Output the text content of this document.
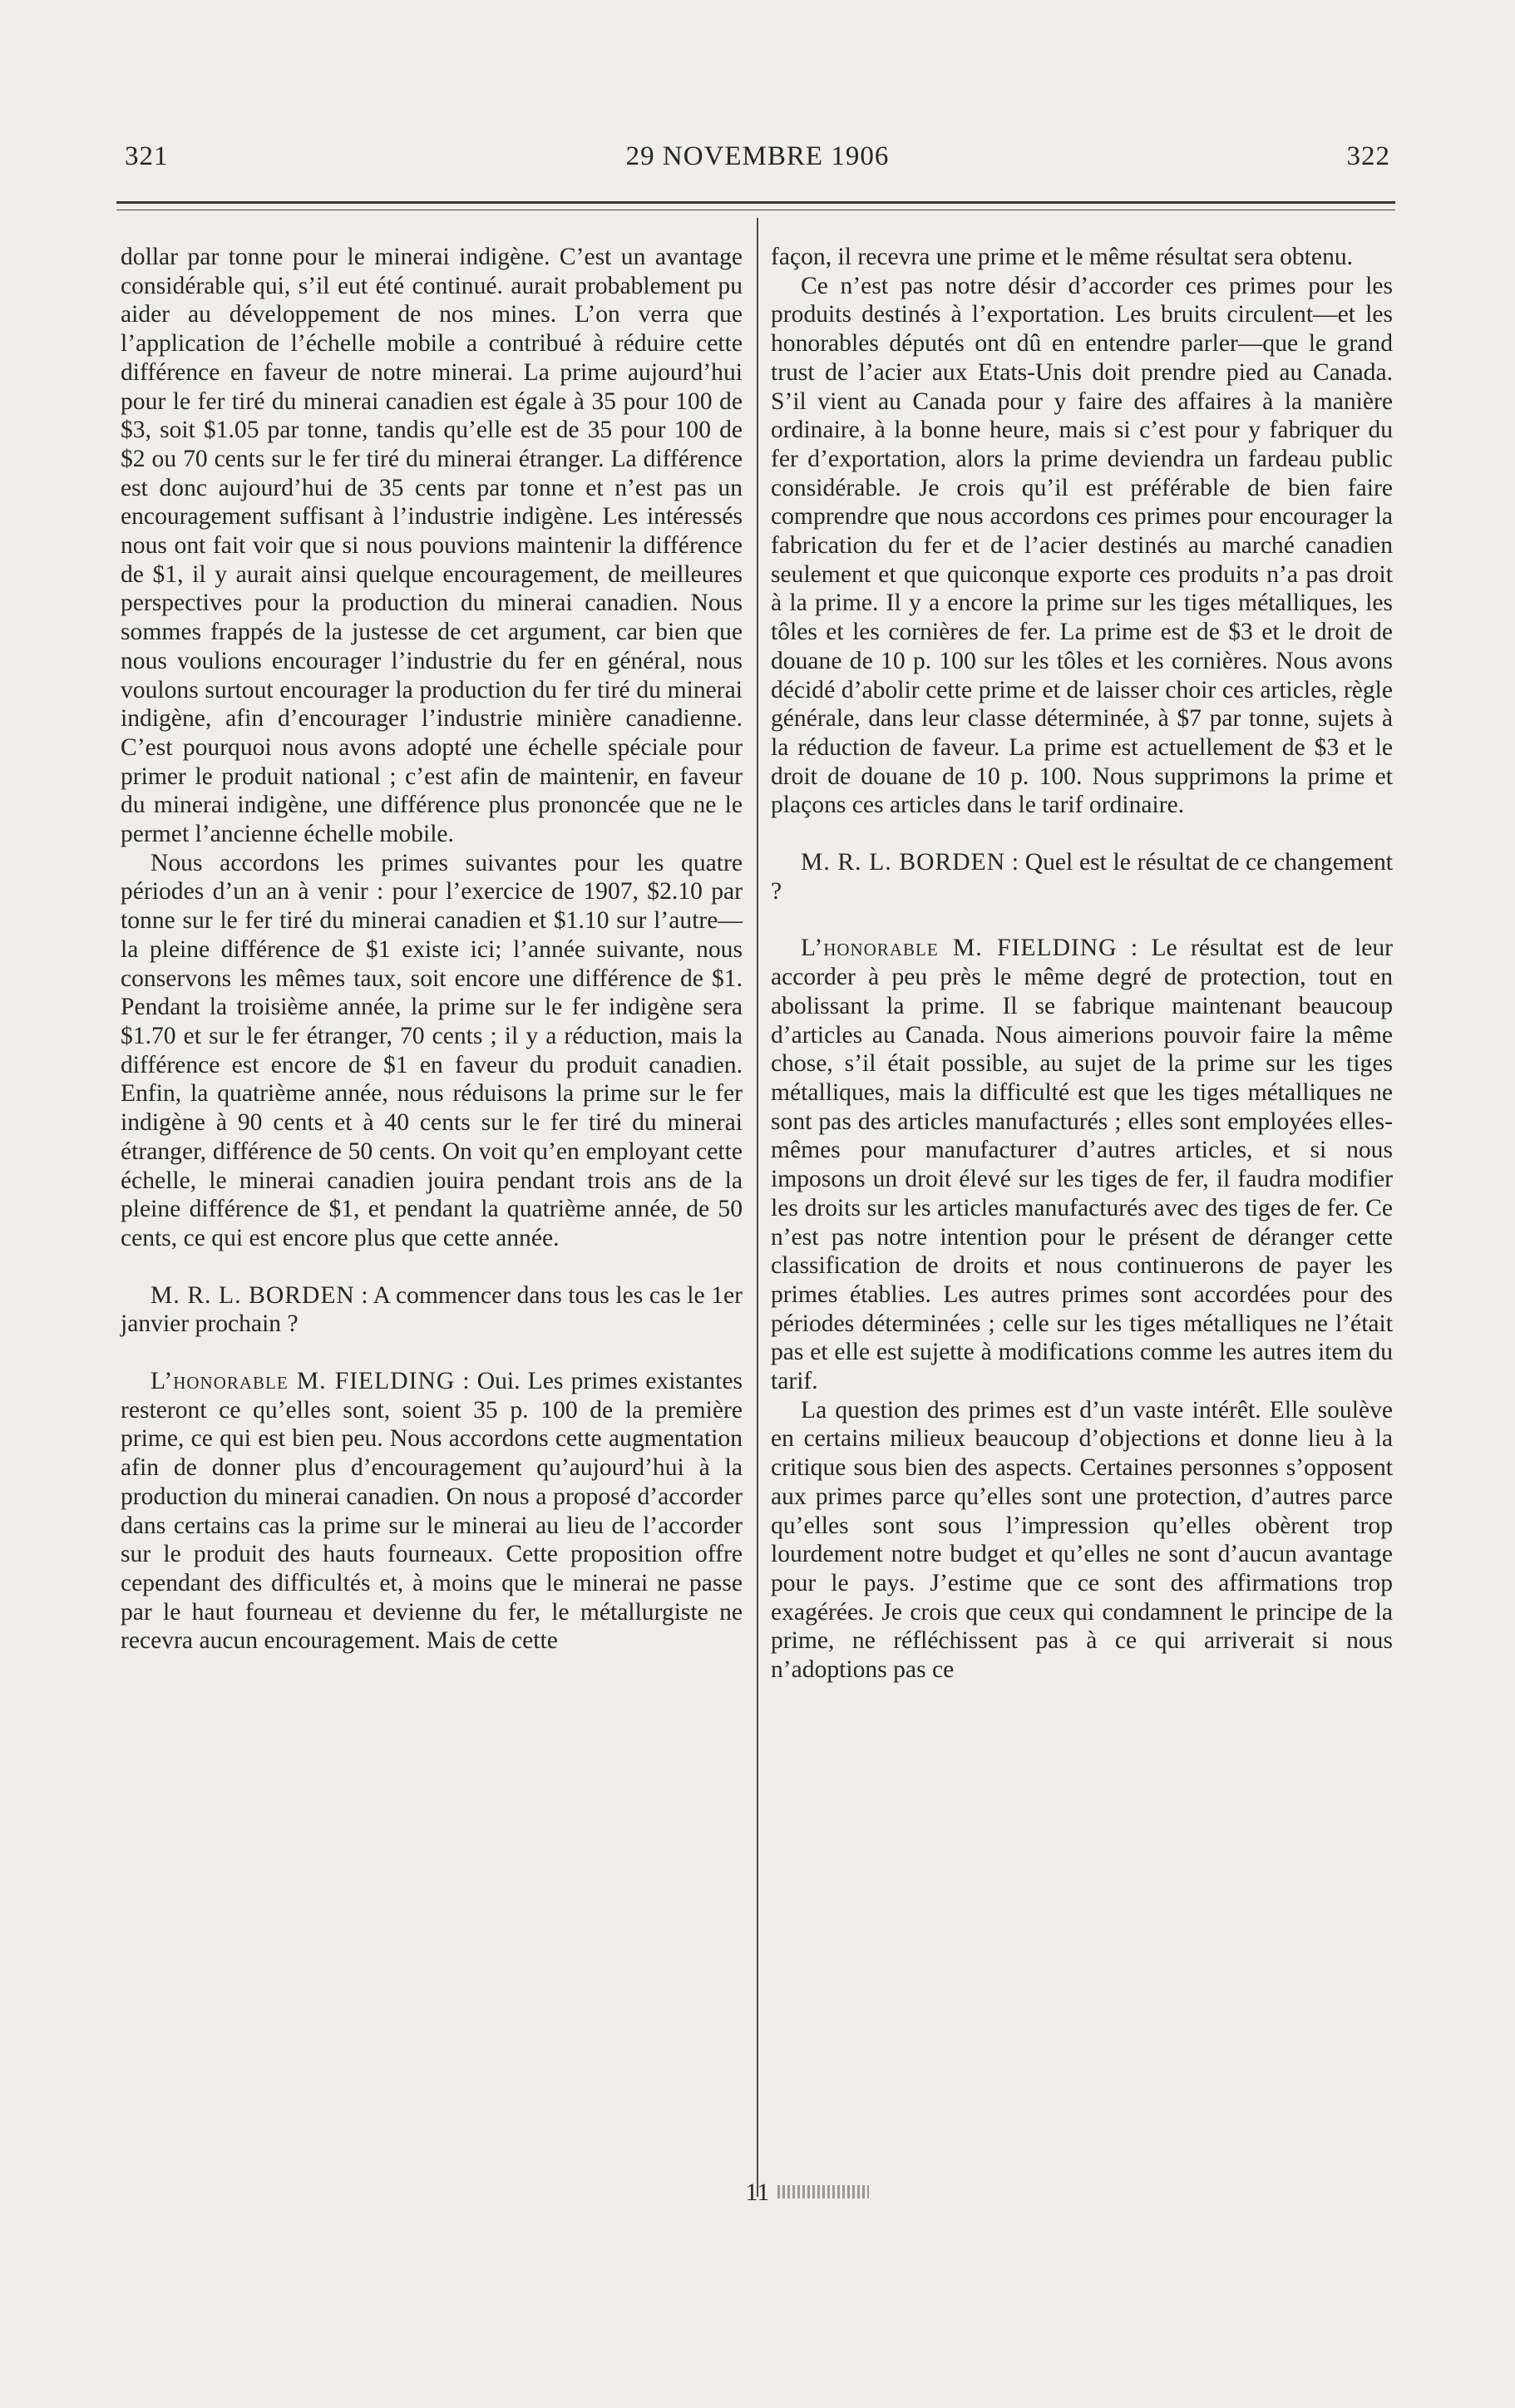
321	29 NOVEMBRE 1906	322

dollar par tonne pour le minerai indigène. C’est un avantage considérable qui, s’il eut été continué. aurait probablement pu aider au développement de nos mines. L’on verra que l’application de l’échelle mobile a contribué à réduire cette différence en faveur de notre minerai. La prime aujourd’hui pour le fer tiré du minerai canadien est égale à 35 pour 100 de $3, soit $1.05 par tonne, tandis qu’elle est de 35 pour 100 de $2 ou 70 cents sur le fer tiré du minerai étranger. La différence est donc aujourd’hui de 35 cents par tonne et n’est pas un encouragement suffisant à l’industrie indigène. Les intéressés nous ont fait voir que si nous pouvions maintenir la différence de $1, il y aurait ainsi quelque encouragement, de meilleures perspectives pour la production du minerai canadien. Nous sommes frappés de la justesse de cet argument, car bien que nous voulions encourager l’industrie du fer en général, nous voulons surtout encourager la production du fer tiré du minerai indigène, afin d’encourager l’industrie minière canadienne. C’est pourquoi nous avons adopté une échelle spéciale pour primer le produit national ; c’est afin de maintenir, en faveur du minerai indigène, une différence plus prononcée que ne le permet l’ancienne échelle mobile.

Nous accordons les primes suivantes pour les quatre périodes d’un an à venir : pour l’exercice de 1907, $2.10 par tonne sur le fer tiré du minerai canadien et $1.10 sur l’autre—la pleine différence de $1 existe ici; l’année suivante, nous conservons les mêmes taux, soit encore une différence de $1. Pendant la troisième année, la prime sur le fer indigène sera $1.70 et sur le fer étranger, 70 cents ; il y a réduction, mais la différence est encore de $1 en faveur du produit canadien. Enfin, la quatrième année, nous réduisons la prime sur le fer indigène à 90 cents et à 40 cents sur le fer tiré du minerai étranger, différence de 50 cents. On voit qu’en employant cette échelle, le minerai canadien jouira pendant trois ans de la pleine différence de $1, et pendant la quatrième année, de 50 cents, ce qui est encore plus que cette année.

M. R. L. BORDEN : A commencer dans tous les cas le 1er janvier prochain ?

L’honorable M. FIELDING : Oui. Les primes existantes resteront ce qu’elles sont, soient 35 p. 100 de la première prime, ce qui est bien peu. Nous accordons cette augmentation afin de donner plus d’encouragement qu’aujourd’hui à la production du minerai canadien. On nous a proposé d’accorder dans certains cas la prime sur le minerai au lieu de l’accorder sur le produit des hauts fourneaux. Cette proposition offre cependant des difficultés et, à moins que le minerai ne passe par le haut fourneau et devienne du fer, le métallurgiste ne recevra aucun encouragement. Mais de cette

façon, il recevra une prime et le même résultat sera obtenu.

Ce n’est pas notre désir d’accorder ces primes pour les produits destinés à l’exportation. Les bruits circulent—et les honorables députés ont dû en entendre parler—que le grand trust de l’acier aux Etats-Unis doit prendre pied au Canada. S’il vient au Canada pour y faire des affaires à la manière ordinaire, à la bonne heure, mais si c’est pour y fabriquer du fer d’exportation, alors la prime deviendra un fardeau public considérable. Je crois qu’il est préférable de bien faire comprendre que nous accordons ces primes pour encourager la fabrication du fer et de l’acier destinés au marché canadien seulement et que quiconque exporte ces produits n’a pas droit à la prime. Il y a encore la prime sur les tiges métalliques, les tôles et les cornières de fer. La prime est de $3 et le droit de douane de 10 p. 100 sur les tôles et les cornières. Nous avons décidé d’abolir cette prime et de laisser choir ces articles, règle générale, dans leur classe déterminée, à $7 par tonne, sujets à la réduction de faveur. La prime est actuellement de $3 et le droit de douane de 10 p. 100. Nous supprimons la prime et plaçons ces articles dans le tarif ordinaire.

M. R. L. BORDEN : Quel est le résultat de ce changement ?

L’honorable M. FIELDING : Le résultat est de leur accorder à peu près le même degré de protection, tout en abolissant la prime. Il se fabrique maintenant beaucoup d’articles au Canada. Nous aimerions pouvoir faire la même chose, s’il était possible, au sujet de la prime sur les tiges métalliques, mais la difficulté est que les tiges métalliques ne sont pas des articles manufacturés ; elles sont employées elles-mêmes pour manufacturer d’autres articles, et si nous imposons un droit élevé sur les tiges de fer, il faudra modifier les droits sur les articles manufacturés avec des tiges de fer. Ce n’est pas notre intention pour le présent de déranger cette classification de droits et nous continuerons de payer les primes établies. Les autres primes sont accordées pour des périodes déterminées ; celle sur les tiges métalliques ne l’était pas et elle est sujette à modifications comme les autres item du tarif.

La question des primes est d’un vaste intérêt. Elle soulève en certains milieux beaucoup d’objections et donne lieu à la critique sous bien des aspects. Certaines personnes s’opposent aux primes parce qu’elles sont une protection, d’autres parce qu’elles sont sous l’impression qu’elles obèrent trop lourdement notre budget et qu’elles ne sont d’aucun avantage pour le pays. J’estime que ce sont des affirmations trop exagérées. Je crois que ceux qui condamnent le principe de la prime, ne réfléchissent pas à ce qui arriverait si nous n’adoptions pas ce

11
